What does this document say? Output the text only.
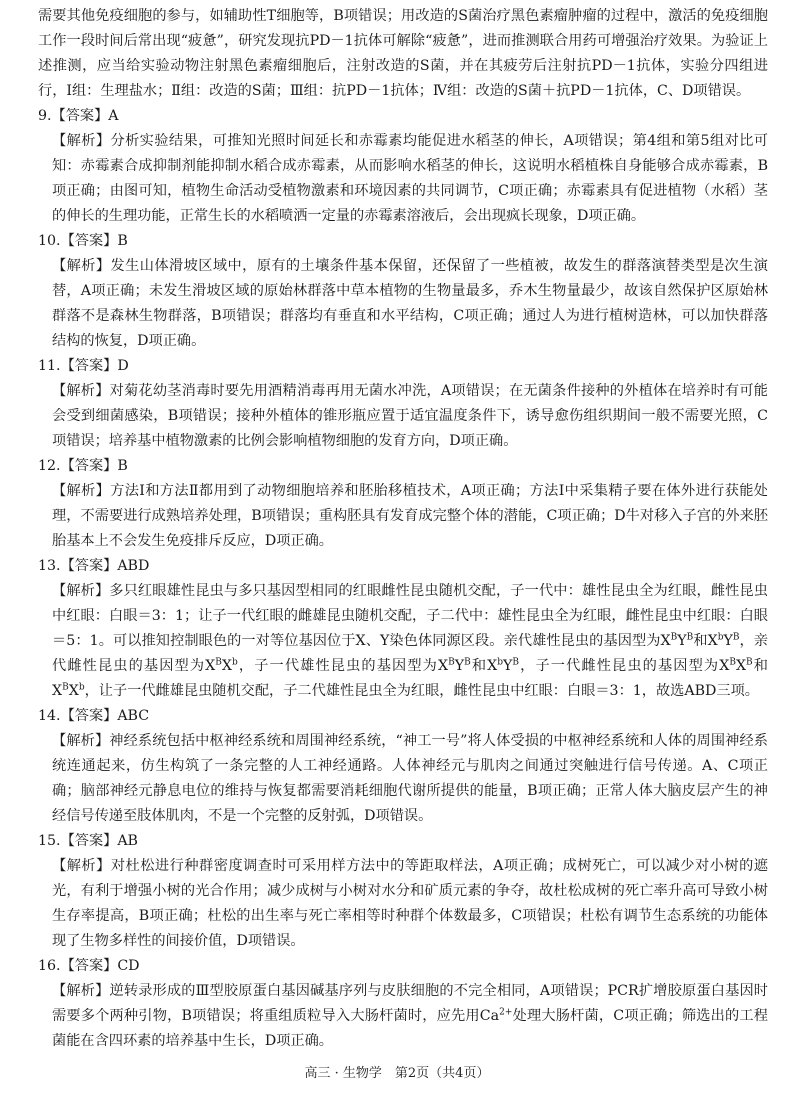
需要其他免疫细胞的参与，如辅助性T细胞等，B项错误；用改造的S菌治疗黑色素瘤肿瘤的过程中，激活的免疫细胞工作一段时间后常出现“疲惫”，研究发现抗PD－1抗体可解除“疲惫”，进而推测联合用药可增强治疗效果。为验证上述推测，应当给实验动物注射黑色素瘤细胞后，注射改造的S菌，并在其疲劳后注射抗PD－1抗体，实验分四组进行，Ⅰ组：生理盐水；Ⅱ组：改造的S菌；Ⅲ组：抗PD－1抗体；Ⅳ组：改造的S菌＋抗PD－1抗体，C、D项错误。

9.【答案】A

【解析】分析实验结果，可推知光照时间延长和赤霉素均能促进水稻茎的伸长，A项错误；第4组和第5组对比可知：赤霉素合成抑制剂能抑制水稻合成赤霉素，从而影响水稻茎的伸长，这说明水稻植株自身能够合成赤霉素，B项正确；由图可知，植物生命活动受植物激素和环境因素的共同调节，C项正确；赤霉素具有促进植物（水稻）茎的伸长的生理功能，正常生长的水稻喷洒一定量的赤霉素溶液后，会出现疯长现象，D项正确。

10.【答案】B

【解析】发生山体滑坡区域中，原有的土壤条件基本保留，还保留了一些植被，故发生的群落演替类型是次生演替，A项正确；未发生滑坡区域的原始林群落中草本植物的生物量最多，乔木生物量最少，故该自然保护区原始林群落不是森林生物群落，B项错误；群落均有垂直和水平结构，C项正确；通过人为进行植树造林，可以加快群落结构的恢复，D项正确。

11.【答案】D

【解析】对菊花幼茎消毒时要先用酒精消毒再用无菌水冲洗，A项错误；在无菌条件接种的外植体在培养时有可能会受到细菌感染，B项错误；接种外植体的锥形瓶应置于适宜温度条件下，诱导愈伤组织期间一般不需要光照，C项错误；培养基中植物激素的比例会影响植物细胞的发育方向，D项正确。

12.【答案】B

【解析】方法Ⅰ和方法Ⅱ都用到了动物细胞培养和胚胎移植技术，A项正确；方法Ⅰ中采集精子要在体外进行获能处理，不需要进行成熟培养处理，B项错误；重构胚具有发育成完整个体的潜能，C项正确；D牛对移入子宫的外来胚胎基本上不会发生免疫排斥反应，D项正确。

13.【答案】ABD

【解析】多只红眼雄性昆虫与多只基因型相同的红眼雌性昆虫随机交配，子一代中：雄性昆虫全为红眼，雌性昆虫中红眼：白眼＝3：1；让子一代红眼的雌雄昆虫随机交配，子二代中：雄性昆虫全为红眼，雌性昆虫中红眼：白眼＝5：1。可以推知控制眼色的一对等位基因位于X、Y染色体同源区段。亲代雄性昆虫的基因型为$X^BY^B$和$X^bY^B$，亲代雌性昆虫的基因型为$X^BX^b$，子一代雄性昆虫的基因型为$X^BY^B$和$X^bY^B$，子一代雌性昆虫的基因型为$X^BX^B$和$X^BX^b$，让子一代雌雄昆虫随机交配，子二代雄性昆虫全为红眼，雌性昆虫中红眼：白眼＝3：1，故选ABD三项。

14.【答案】ABC

【解析】神经系统包括中枢神经系统和周围神经系统，“神工一号”将人体受损的中枢神经系统和人体的周围神经系统连通起来，仿生构筑了一条完整的人工神经通路。人体神经元与肌肉之间通过突触进行信号传递。A、C项正确；脑部神经元静息电位的维持与恢复都需要消耗细胞代谢所提供的能量，B项正确；正常人体大脑皮层产生的神经信号传递至肢体肌肉，不是一个完整的反射弧，D项错误。

15.【答案】AB

【解析】对杜松进行种群密度调查时可采用样方法中的等距取样法，A项正确；成树死亡，可以减少对小树的遮光，有利于增强小树的光合作用；减少成树与小树对水分和矿质元素的争夺，故杜松成树的死亡率升高可导致小树生存率提高，B项正确；杜松的出生率与死亡率相等时种群个体数最多，C项错误；杜松有调节生态系统的功能体现了生物多样性的间接价值，D项错误。

16.【答案】CD

【解析】逆转录形成的Ⅲ型胶原蛋白基因碱基序列与皮肤细胞的不完全相同，A项错误；PCR扩增胶原蛋白基因时需要多个两种引物，B项错误；将重组质粒导入大肠杆菌时，应先用$Ca^{2+}$处理大肠杆菌，C项正确；筛选出的工程菌能在含四环素的培养基中生长，D项正确。

高三 · 生物学　第2页（共4页）
